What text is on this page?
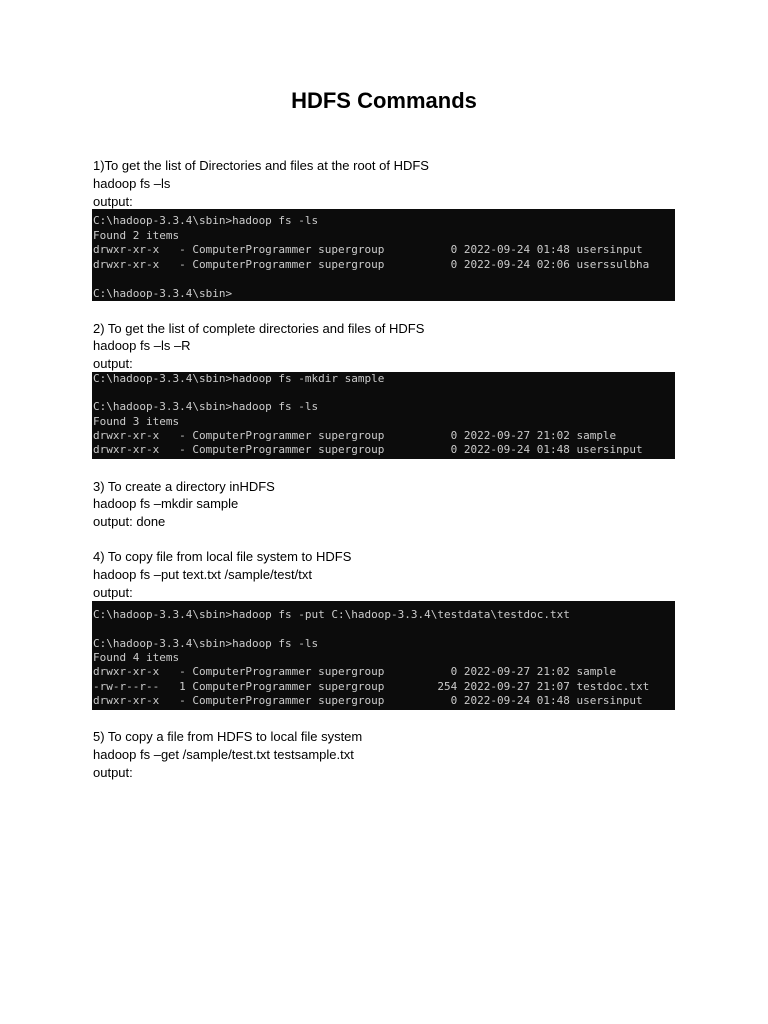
HDFS Commands
1)To get the list of Directories and files at the root of HDFS
hadoop fs –ls
output:
C:\hadoop-3.3.4\sbin>hadoop fs -ls
Found 2 items
drwxr-xr-x   - ComputerProgrammer supergroup          0 2022-09-24 01:48 usersinput
drwxr-xr-x   - ComputerProgrammer supergroup          0 2022-09-24 02:06 userssulbha
C:\hadoop-3.3.4\sbin>
2) To get the list of complete directories and files of HDFS
hadoop fs –ls –R
output:
C:\hadoop-3.3.4\sbin>hadoop fs -mkdir sample
C:\hadoop-3.3.4\sbin>hadoop fs -ls
Found 3 items
drwxr-xr-x   - ComputerProgrammer supergroup          0 2022-09-27 21:02 sample
drwxr-xr-x   - ComputerProgrammer supergroup          0 2022-09-24 01:48 usersinput
3) To create a directory inHDFS
hadoop fs –mkdir sample
output: done
4) To copy file from local file system to HDFS
hadoop fs –put text.txt /sample/test/txt
output:
C:\hadoop-3.3.4\sbin>hadoop fs -put C:\hadoop-3.3.4\testdata\testdoc.txt
C:\hadoop-3.3.4\sbin>hadoop fs -ls
Found 4 items
drwxr-xr-x   - ComputerProgrammer supergroup          0 2022-09-27 21:02 sample
-rw-r--r--   1 ComputerProgrammer supergroup        254 2022-09-27 21:07 testdoc.txt
drwxr-xr-x   - ComputerProgrammer supergroup          0 2022-09-24 01:48 usersinput
5) To copy a file from HDFS to local file system
hadoop fs –get /sample/test.txt testsample.txt
output:
